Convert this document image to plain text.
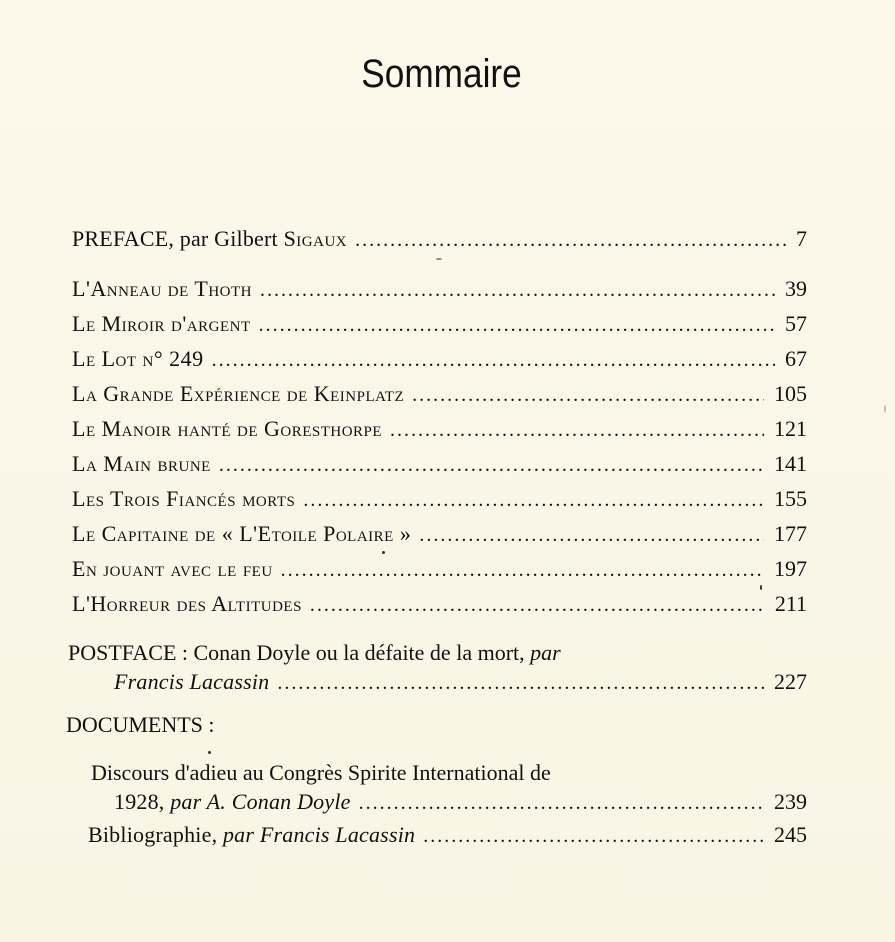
Sommaire
PREFACE, par Gilbert Sigaux . . .	7
L'Anneau de Thoth . . .	39
Le Miroir d'argent . . .	57
Le Lot n° 249 . . .	67
La Grande Expérience de Keinplatz . . .	105
Le Manoir hanté de Goresthorpe . . .	121
La Main brune . . .	141
Les Trois Fiancés morts . . .	155
Le Capitaine de « L'Etoile Polaire » . . .	177
En jouant avec le feu . . .	197
L'Horreur des Altitudes . . .	211
POSTFACE : Conan Doyle ou la défaite de la mort, par
Francis Lacassin . . .	227
DOCUMENTS :
Discours d'adieu au Congrès Spirite International de
1928, par A. Conan Doyle . . .	239
Bibliographie, par Francis Lacassin . . .	245
